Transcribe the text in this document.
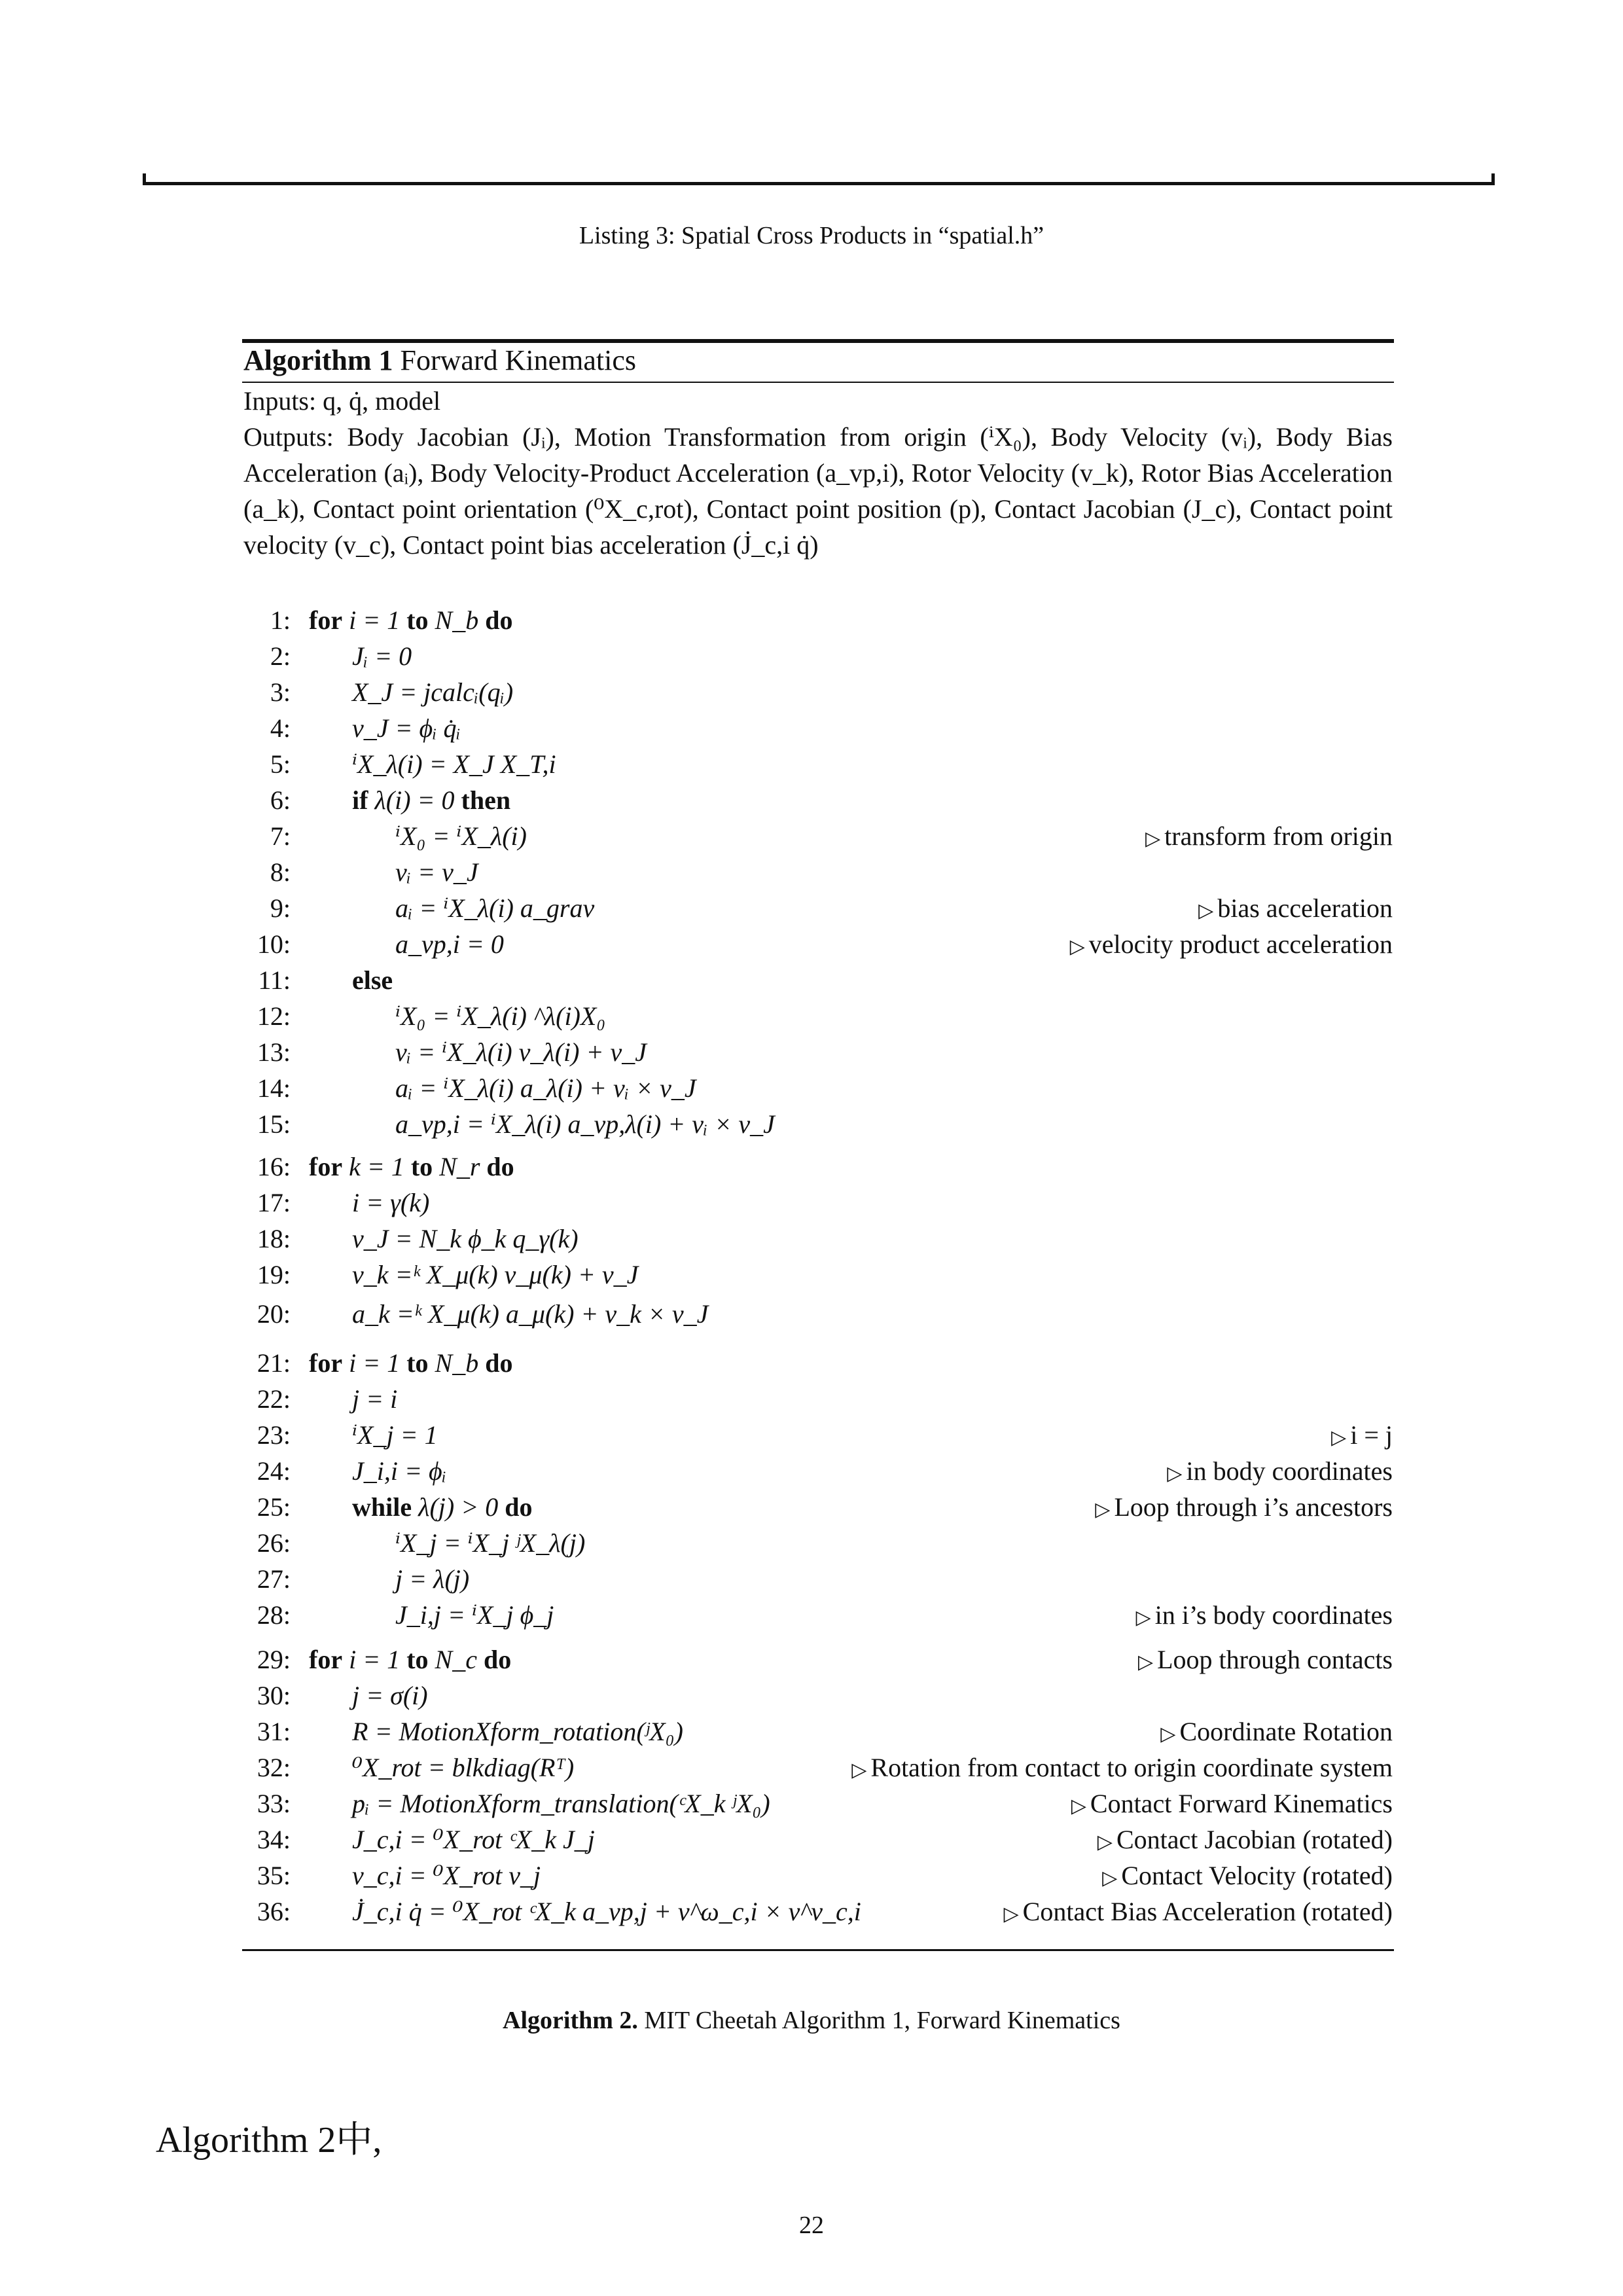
Listing 3: Spatial Cross Products in “spatial.h”
Algorithm 1 Forward Kinematics
Inputs: q, q̇, model
Outputs: Body Jacobian (Jᵢ), Motion Transformation from origin (ⁱX₀), Body Velocity (vᵢ), Body Bias Acceleration (aᵢ), Body Velocity-Product Acceleration (a_vp,i), Rotor Velocity (v_k), Rotor Bias Acceleration (a_k), Contact point orientation (⁰X_c,rot), Contact point position (p), Contact Jacobian (J_c), Contact point velocity (v_c), Contact point bias acceleration (J̇_c,i q̇)
1: for i = 1 to N_b do
2: Jᵢ = 0
3: X_J = jcalcᵢ(qᵢ)
4: v_J = ϕᵢ q̇ᵢ
5: ⁱX_λ(i) = X_J X_T,i
6: if λ(i) = 0 then
7:	ⁱX₀ = ⁱX_λ(i)	▷ transform from origin
8:	vᵢ = v_J
9:	aᵢ = ⁱX_λ(i) a_grav	▷ bias acceleration
10:	a_vp,i = 0	▷ velocity product acceleration
11: else
12:	ⁱX₀ = ⁱX_λ(i) ^λ(i)X₀
13:	vᵢ = ⁱX_λ(i) v_λ(i) + v_J
14:	aᵢ = ⁱX_λ(i) a_λ(i) + vᵢ × v_J
15:	a_vp,i = ⁱX_λ(i) a_vp,λ(i) + vᵢ × v_J
16: for k = 1 to N_r do
17: i = γ(k)
18: v_J = N_k ϕ_k q_γ(k)
19: v_k =ᵏ X_μ(k) v_μ(k) + v_J
20: a_k =ᵏ X_μ(k) a_μ(k) + v_k × v_J
21: for i = 1 to N_b do
22: j = i
23: ⁱX_j = 1	▷ i = j
24: J_i,i = ϕᵢ	▷ in body coordinates
25: while λ(j) > 0 do	▷ Loop through i’s ancestors
26:	ⁱX_j = ⁱX_j ʲX_λ(j)
27:	j = λ(j)
28:	J_i,j = ⁱX_j ϕ_j	▷ in i’s body coordinates
29: for i = 1 to N_c do	▷ Loop through contacts
30: j = σ(i)
31: R = MotionXform_rotation(ʲX₀)	▷ Coordinate Rotation
32: ⁰X_rot = blkdiag(Rᵀ)	▷ Rotation from contact to origin coordinate system
33: pᵢ = MotionXform_translation(ᶜX_k ʲX₀)	▷ Contact Forward Kinematics
34: J_c,i = ⁰X_rot ᶜX_k J_j	▷ Contact Jacobian (rotated)
35: v_c,i = ⁰X_rot v_j	▷ Contact Velocity (rotated)
36: J̇_c,i q̇ = ⁰X_rot ᶜX_k a_vp,j + v^ω_c,i × v^v_c,i	▷ Contact Bias Acceleration (rotated)
Algorithm 2. MIT Cheetah Algorithm 1, Forward Kinematics
Algorithm 2中,
22
